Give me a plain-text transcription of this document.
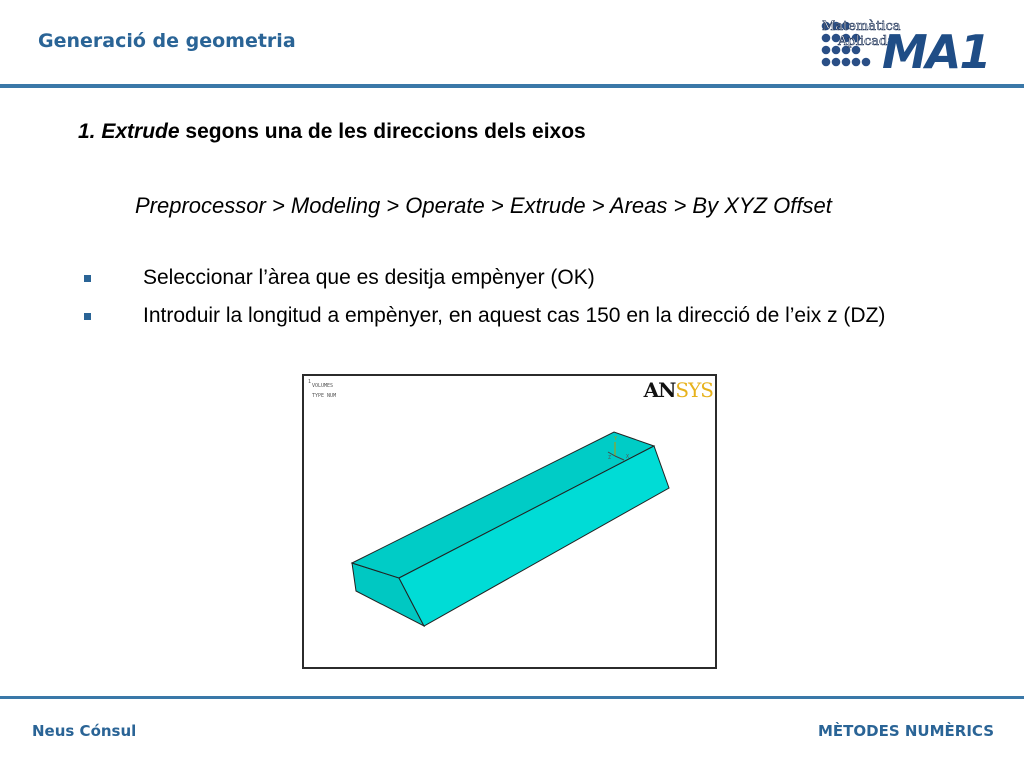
Generació de geometria
Matemàtica
Aplicada
MA1
1. Extrude segons una de les direccions dels eixos
Preprocessor > Modeling > Operate > Extrude > Areas > By XYZ Offset
Seleccionar l’àrea que es desitja empènyer (OK)
Introduir la longitud a empènyer, en aquest cas 150 en la direcció de l’eix z (DZ)
1
VOLUMES
TYPE NUM
Y
Z	X
ANSYS
Neus Cónsul	MÈTODES NUMÈRICS
